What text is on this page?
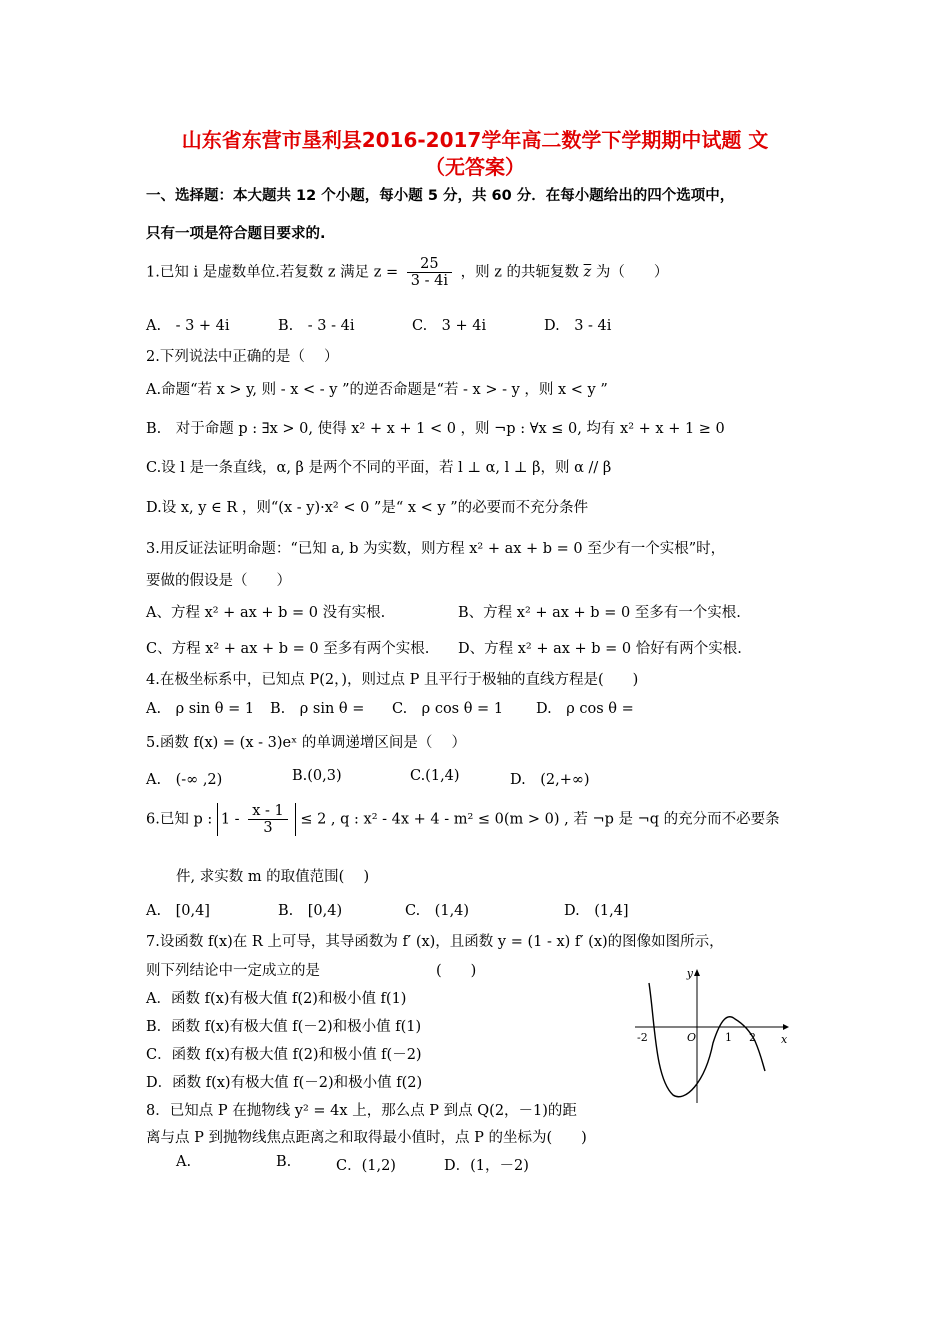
山东省东营市垦利县2016-2017学年高二数学下学期期中试题 文
（无答案）
一、选择题：本大题共 12 个小题，每小题 5 分，共 60 分．在每小题给出的四个选项中，
只有一项是符合题目要求的.
1.已知 i 是虚数单位.若复数 z 满足 $z = \frac{25}{3 - 4i}$ ，则 z 的共轭复数 $\overline{z}$ 为（　　）
A.　- 3 + 4i	B.　- 3 - 4i	C.　3 + 4i	D.　3 - 4i
2.下列说法中正确的是（　 ）
A.命题“若 x > y, 则 - x < - y ”的逆否命题是“若 - x > - y ，则 x < y ”
B.　对于命题 p : ∃x > 0, 使得 x² + x + 1 < 0 ，则 ¬p : ∀x ≤ 0, 均有 x² + x + 1 ≥ 0
C.设 l 是一条直线，α, β 是两个不同的平面，若 l ⊥ α, l ⊥ β，则 α // β
D.设 x, y ∈ R ，则“(x - y)·x² < 0 ”是“ x < y ”的必要而不充分条件
3.用反证法证明命题：“已知 a, b 为实数，则方程 x² + ax + b = 0 至少有一个实根”时，
要做的假设是（　　）
A、方程 x² + ax + b = 0 没有实根.	B、方程 x² + ax + b = 0 至多有一个实根.
C、方程 x² + ax + b = 0 至多有两个实根. D、方程 x² + ax + b = 0 恰好有两个实根.
4.在极坐标系中，已知点 P(2，)，则过点 P 且平行于极轴的直线方程是(　　)
A.　ρ sin θ = 1 B.　ρ sin θ = C.　ρ cos θ = 1 D.　ρ cos θ =
5.函数 f(x) = (x - 3)eˣ 的单调递增区间是（　 ）
A.　(-∞ ,2)	B.(0,3)	C.(1,4)	D.　(2,+∞)
6.已知 p : $1 - \frac{x - 1}{3} \le 2$ , q : x² - 4x + 4 - m² ≤ 0(m > 0) , 若 ¬p 是 ¬q 的充分而不必要条
件, 求实数 m 的取值范围(　 )
A.　[0,4]	B.　[0,4)	C.　(1,4)	D.　(1,4]
7.设函数 f(x)在 R 上可导，其导函数为 f′ (x)，且函数 y = (1 - x) f′ (x)的图像如图所示，
则下列结论中一定成立的是　　　　　　　　(　　)
A．函数 f(x)有极大值 f(2)和极小值 f(1)
B．函数 f(x)有极大值 f(－2)和极小值 f(1)
C．函数 f(x)有极大值 f(2)和极小值 f(－2)
D．函数 f(x)有极大值 f(－2)和极小值 f(2)
y
x
O
-2	1 2
8．已知点 P 在抛物线 y² = 4x 上，那么点 P 到点 Q(2，－1)的距
离与点 P 到抛物线焦点距离之和取得最小值时，点 P 的坐标为(　　)
A.	B.	C．(1,2)	D．(1，－2)
